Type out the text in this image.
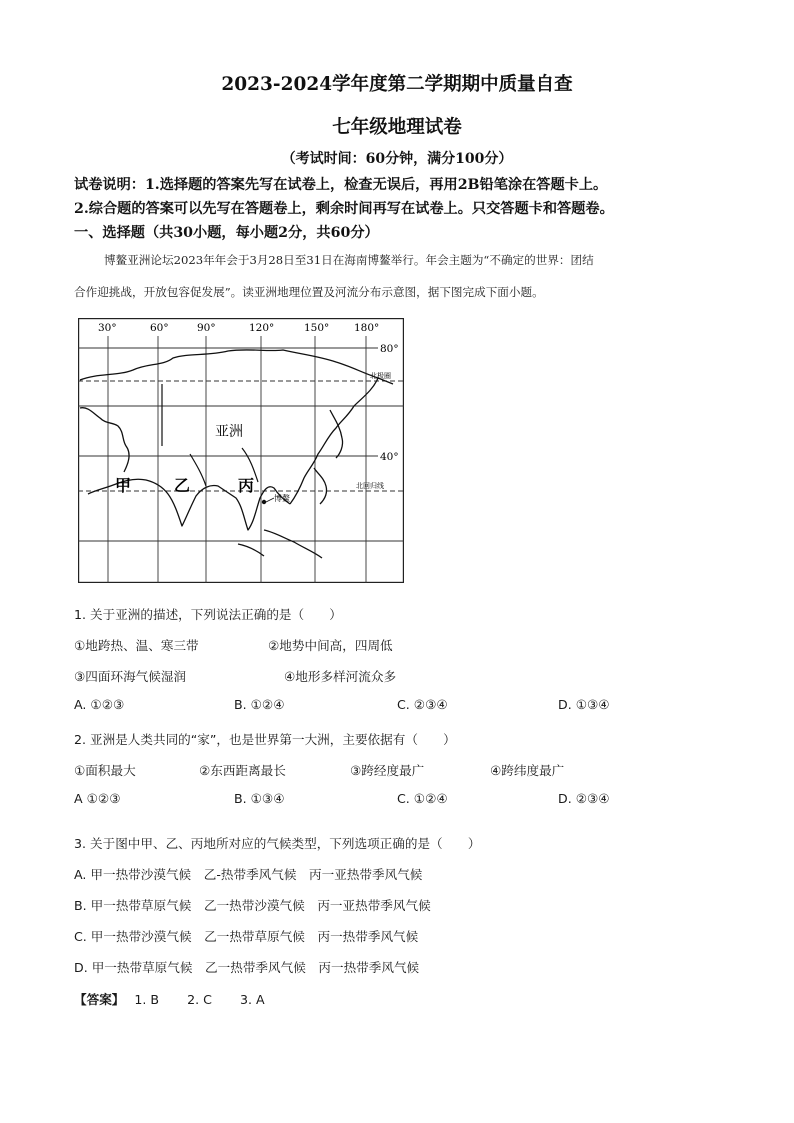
2023-2024学年度第二学期期中质量自查
七年级地理试卷
（考试时间：60分钟，满分100分）
试卷说明：1.选择题的答案先写在试卷上，检查无误后，再用2B铅笔涂在答题卡上。
2.综合题的答案可以先写在答题卷上，剩余时间再写在试卷上。只交答题卡和答题卷。
一、选择题（共30小题，每小题2分，共60分）
博鳌亚洲论坛2023年年会于3月28日至31日在海南博鳌举行。年会主题为“不确定的世界：团结
合作迎挑战，开放包容促发展”。读亚洲地理位置及河流分布示意图，据下图完成下面小题。
30°	60°	90°	120°	150° 180°
80°
40°
北极圈
北回归线
亚洲
甲	乙	丙
博鳌
1. 关于亚洲的描述，下列说法正确的是（　　）
①地跨热、温、寒三带	②地势中间高，四周低
③四面环海气候湿润	④地形多样河流众多
A. ①②③	B. ①②④	C. ②③④	D. ①③④
2. 亚洲是人类共同的“家”，也是世界第一大洲，主要依据有（　　）
①面积最大	②东西距离最长	③跨经度最广	④跨纬度最广
A ①②③	B. ①③④	C. ①②④	D. ②③④
3. 关于图中甲、乙、丙地所对应的气候类型，下列选项正确的是（　　）
A. 甲一热带沙漠气候　乙-热带季风气候　丙一亚热带季风气候
B. 甲一热带草原气候　乙一热带沙漠气候　丙一亚热带季风气候
C. 甲一热带沙漠气候　乙一热带草原气候　丙一热带季风气候
D. 甲一热带草原气候　乙一热带季风气候　丙一热带季风气候
【答案】 1. B 2. C 3. A
